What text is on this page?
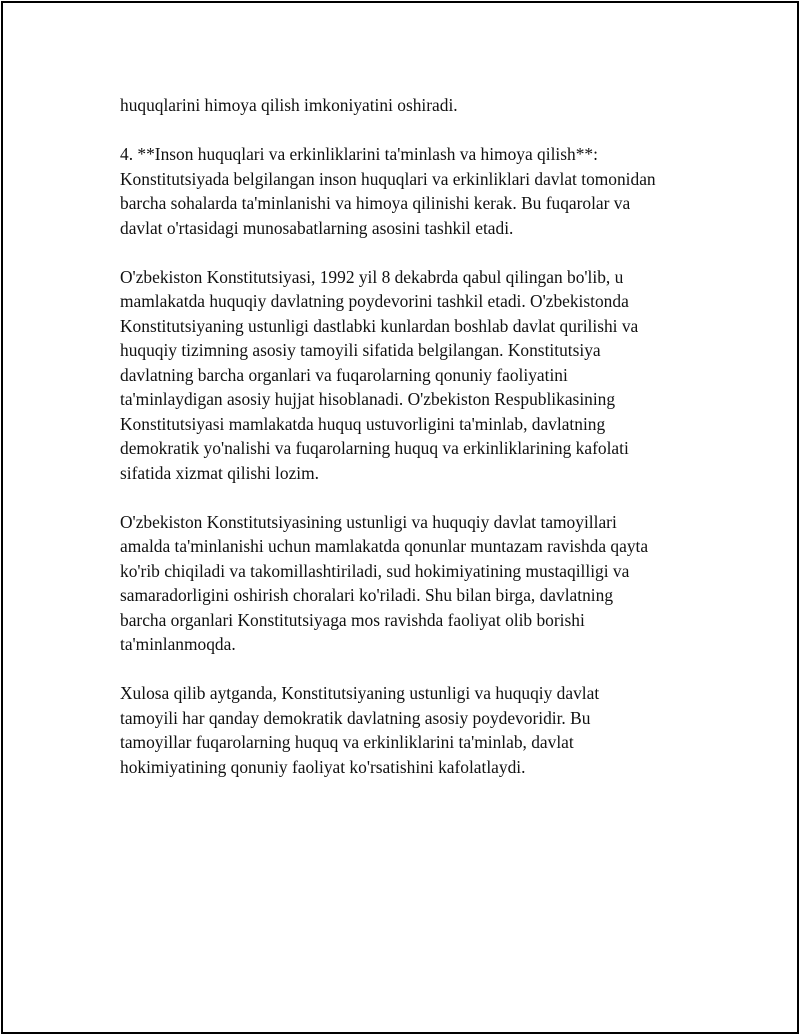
huquqlarini himoya qilish imkoniyatini oshiradi.

4. **Inson huquqlari va erkinliklarini ta'minlash va himoya qilish**:
Konstitutsiyada belgilangan inson huquqlari va erkinliklari davlat tomonidan
barcha sohalarda ta'minlanishi va himoya qilinishi kerak. Bu fuqarolar va
davlat o'rtasidagi munosabatlarning asosini tashkil etadi.

O'zbekiston Konstitutsiyasi, 1992 yil 8 dekabrda qabul qilingan bo'lib, u
mamlakatda huquqiy davlatning poydevorini tashkil etadi. O'zbekistonda
Konstitutsiyaning ustunligi dastlabki kunlardan boshlab davlat qurilishi va
huquqiy tizimning asosiy tamoyili sifatida belgilangan. Konstitutsiya
davlatning barcha organlari va fuqarolarning qonuniy faoliyatini
ta'minlaydigan asosiy hujjat hisoblanadi. O'zbekiston Respublikasining
Konstitutsiyasi mamlakatda huquq ustuvorligini ta'minlab, davlatning
demokratik yo'nalishi va fuqarolarning huquq va erkinliklarining kafolati
sifatida xizmat qilishi lozim.

O'zbekiston Konstitutsiyasining ustunligi va huquqiy davlat tamoyillari
amalda ta'minlanishi uchun mamlakatda qonunlar muntazam ravishda qayta
ko'rib chiqiladi va takomillashtiriladi, sud hokimiyatining mustaqilligi va
samaradorligini oshirish choralari ko'riladi. Shu bilan birga, davlatning
barcha organlari Konstitutsiyaga mos ravishda faoliyat olib borishi
ta'minlanmoqda.

Xulosa qilib aytganda, Konstitutsiyaning ustunligi va huquqiy davlat
tamoyili har qanday demokratik davlatning asosiy poydevoridir. Bu
tamoyillar fuqarolarning huquq va erkinliklarini ta'minlab, davlat
hokimiyatining qonuniy faoliyat ko'rsatishini kafolatlaydi.
